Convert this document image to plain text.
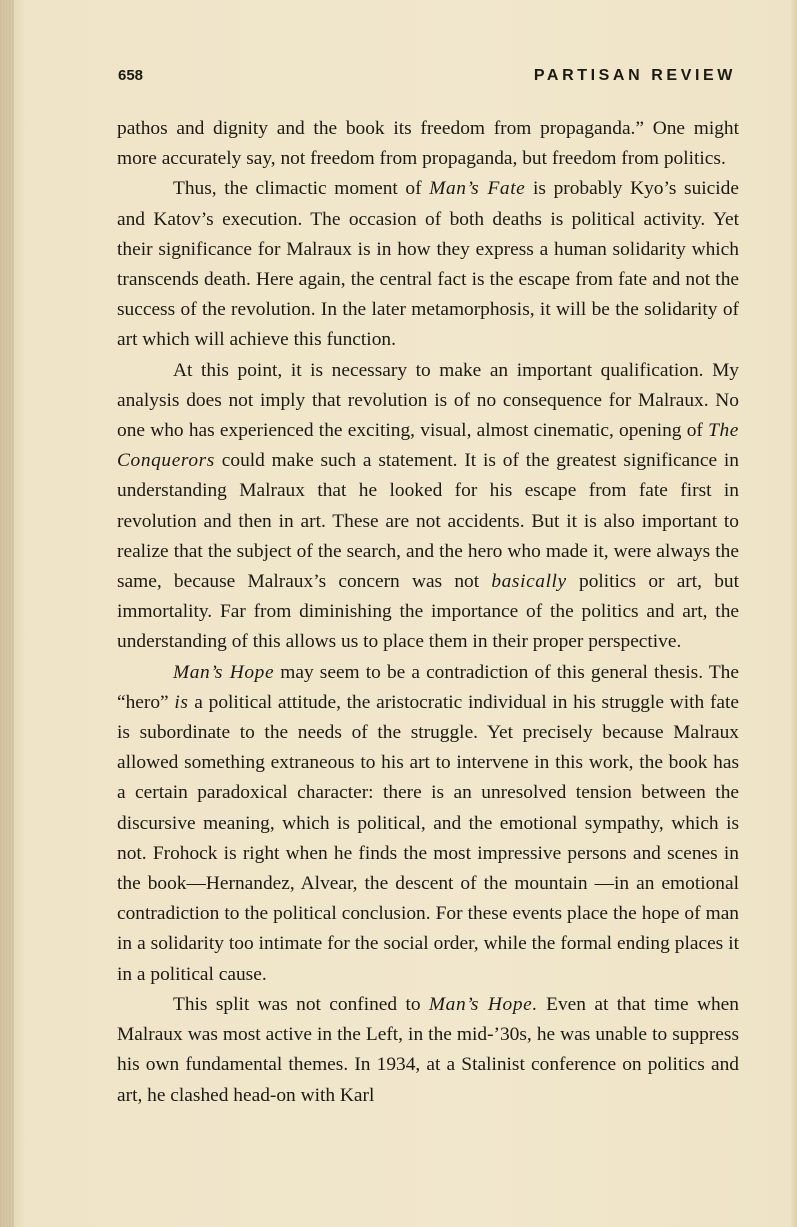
658	PARTISAN REVIEW

pathos and dignity and the book its freedom from propaganda.” One might more accurately say, not freedom from propaganda, but freedom from politics.

Thus, the climactic moment of Man’s Fate is probably Kyo’s suicide and Katov’s execution. The occasion of both deaths is political activity. Yet their significance for Malraux is in how they express a human solidarity which transcends death. Here again, the central fact is the escape from fate and not the success of the revolution. In the later metamorphosis, it will be the solidarity of art which will achieve this function.

At this point, it is necessary to make an important qualification. My analysis does not imply that revolution is of no consequence for Malraux. No one who has experienced the exciting, visual, almost cinematic, opening of The Conquerors could make such a statement. It is of the greatest significance in understanding Malraux that he looked for his escape from fate first in revolution and then in art. These are not accidents. But it is also important to realize that the subject of the search, and the hero who made it, were always the same, because Malraux’s concern was not basically politics or art, but immortality. Far from diminishing the importance of the politics and art, the understanding of this allows us to place them in their proper perspective.

Man’s Hope may seem to be a contradiction of this general thesis. The “hero” is a political attitude, the aristocratic individual in his struggle with fate is subordinate to the needs of the struggle. Yet precisely because Malraux allowed something extraneous to his art to intervene in this work, the book has a certain paradoxical character: there is an unresolved tension between the discursive meaning, which is political, and the emotional sympathy, which is not. Frohock is right when he finds the most impressive persons and scenes in the book—Hernandez, Alvear, the descent of the mountain —in an emotional contradiction to the political conclusion. For these events place the hope of man in a solidarity too intimate for the social order, while the formal ending places it in a political cause.

This split was not confined to Man’s Hope. Even at that time when Malraux was most active in the Left, in the mid-’30s, he was unable to suppress his own fundamental themes. In 1934, at a Stalinist conference on politics and art, he clashed head-on with Karl
